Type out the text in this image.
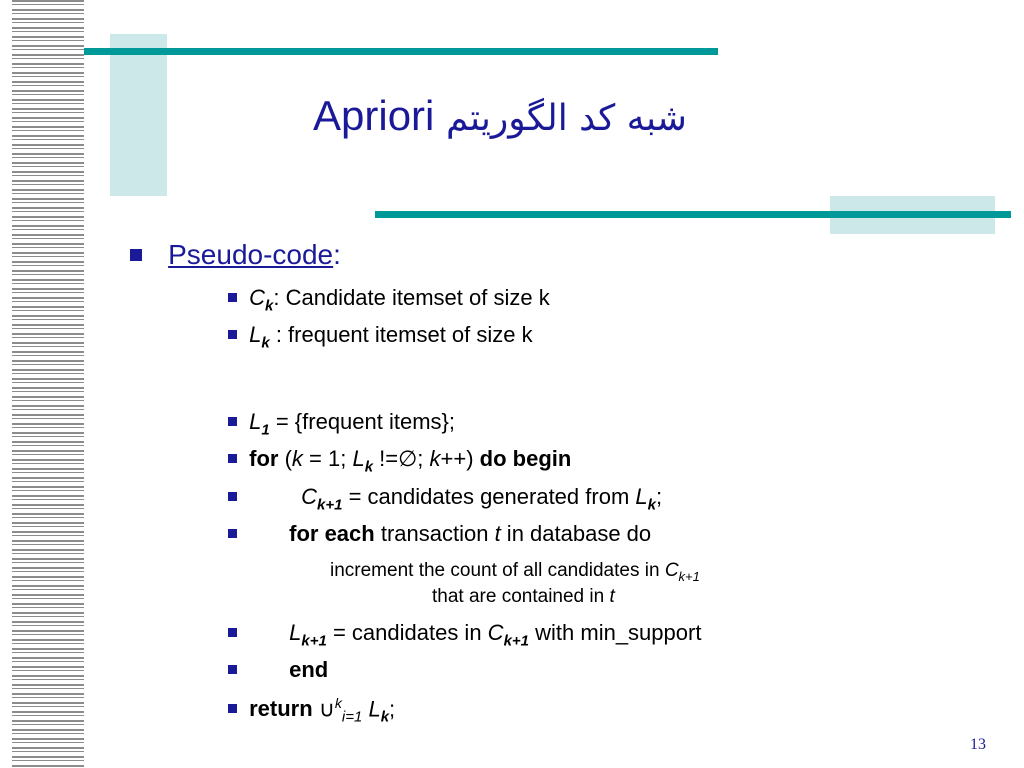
Apriori شبه کد الگوریتم
Pseudo-code:
$C_k$: Candidate itemset of size k
$L_k$ : frequent itemset of size k
$L_1$ = {frequent items};
for (k = 1; $L_k$ !=∅; k++) do begin
$C_{k+1}$ = candidates generated from $L_k$;
for each transaction t in database do
increment the count of all candidates in $C_{k+1}$
that are contained in t
$L_{k+1}$ = candidates in $C_{k+1}$ with min_support
end
return ∪$^k_{i=1}$ $L_k$;
13
